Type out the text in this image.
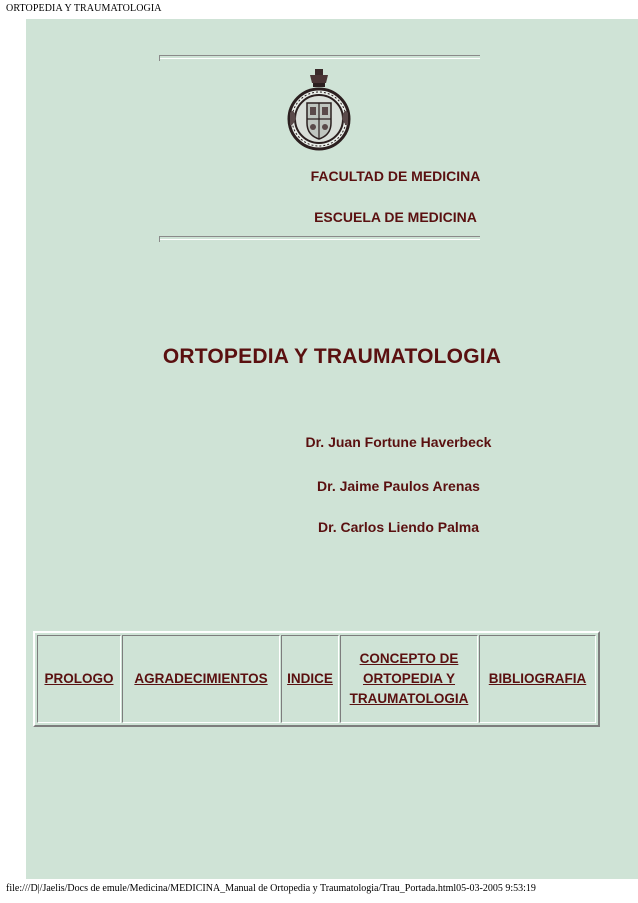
ORTOPEDIA Y TRAUMATOLOGIA
FACULTAD DE MEDICINA
ESCUELA DE MEDICINA
ORTOPEDIA Y TRAUMATOLOGIA
Dr. Juan Fortune Haverbeck
Dr. Jaime Paulos Arenas
Dr. Carlos Liendo Palma
PROLOGO AGRADECIMIENTOS INDICE
CONCEPTO DE
ORTOPEDIA Y
TRAUMATOLOGIA
BIBLIOGRAFIA
file:///D|/Jaelis/Docs de emule/Medicina/MEDICINA_Manual de Ortopedia y Traumatologia/Trau_Portada.html05-03-2005 9:53:19
